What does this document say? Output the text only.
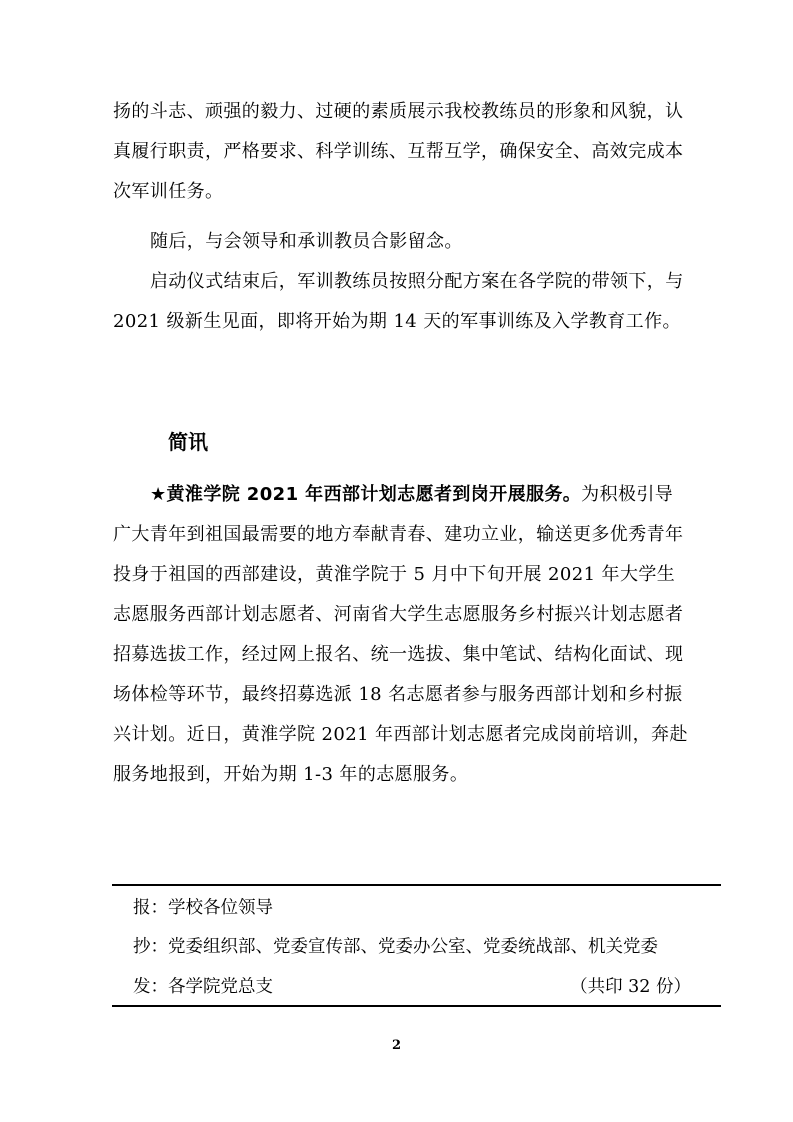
扬的斗志、顽强的毅力、过硬的素质展示我校教练员的形象和风貌，认真履行职责，严格要求、科学训练、互帮互学，确保安全、高效完成本次军训任务。

随后，与会领导和承训教员合影留念。

启动仪式结束后，军训教练员按照分配方案在各学院的带领下，与 2021 级新生见面，即将开始为期 14 天的军事训练及入学教育工作。

简讯

★黄淮学院 2021 年西部计划志愿者到岗开展服务。为积极引导广大青年到祖国最需要的地方奉献青春、建功立业，输送更多优秀青年投身于祖国的西部建设，黄淮学院于 5 月中下旬开展 2021 年大学生志愿服务西部计划志愿者、河南省大学生志愿服务乡村振兴计划志愿者招募选拔工作，经过网上报名、统一选拔、集中笔试、结构化面试、现场体检等环节，最终招募选派 18 名志愿者参与服务西部计划和乡村振兴计划。近日，黄淮学院 2021 年西部计划志愿者完成岗前培训，奔赴服务地报到，开始为期 1-3 年的志愿服务。

报：学校各位领导
抄：党委组织部、党委宣传部、党委办公室、党委统战部、机关党委
发：各学院党总支	（共印 32 份）
2
